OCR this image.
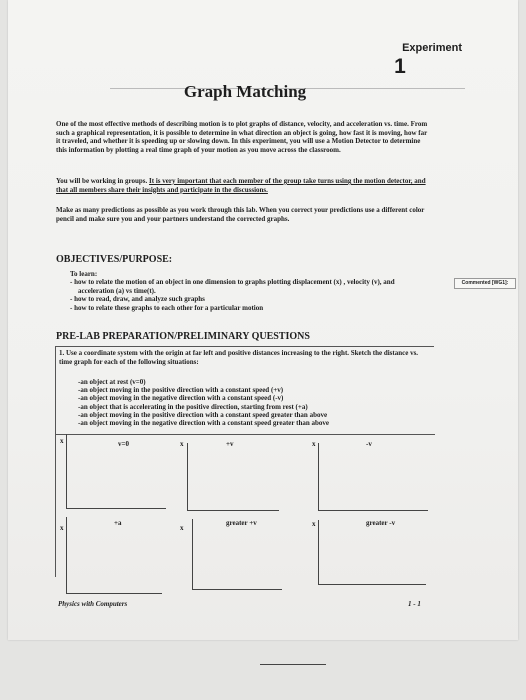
Experiment
1
Graph Matching

One of the most effective methods of describing motion is to plot graphs of distance, velocity, and acceleration vs. time. From such a graphical representation, it is possible to determine in what direction an object is going, how fast it is moving, how far it traveled, and whether it is speeding up or slowing down. In this experiment, you will use a Motion Detector to determine this information by plotting a real time graph of your motion as you move across the classroom.

You will be working in groups. It is very important that each member of the group take turns using the motion detector, and that all members share their insights and participate in the discussions.

Make as many predictions as possible as you work through this lab. When you correct your predictions use a different color pencil and make sure you and your partners understand the corrected graphs.

OBJECTIVES/PURPOSE:
To learn:
- how to relate the motion of an object in one dimension to graphs plotting displacement (x) , velocity (v), and acceleration (a) vs time(t).
- how to read, draw, and analyze such graphs
- how to relate these graphs to each other for a particular motion
Commented [WG1]:
PRE-LAB PREPARATION/PRELIMINARY QUESTIONS
1. Use a coordinate system with the origin at far left and positive distances increasing to the right. Sketch the distance vs. time graph for each of the following situations:
-an object at rest (v=0)
-an object moving in the positive direction with a constant speed (+v)
-an object moving in the negative direction with a constant speed (-v)
-an object that is accelerating in the positive direction, starting from rest (+a)
-an object moving in the positive direction with a constant speed greater than above
-an object moving in the negative direction with a constant speed greater than above
x	v=0	x	+v	x	-v
x
+a
x
greater +v	x	greater -v
Physics with Computers	1 - 1
